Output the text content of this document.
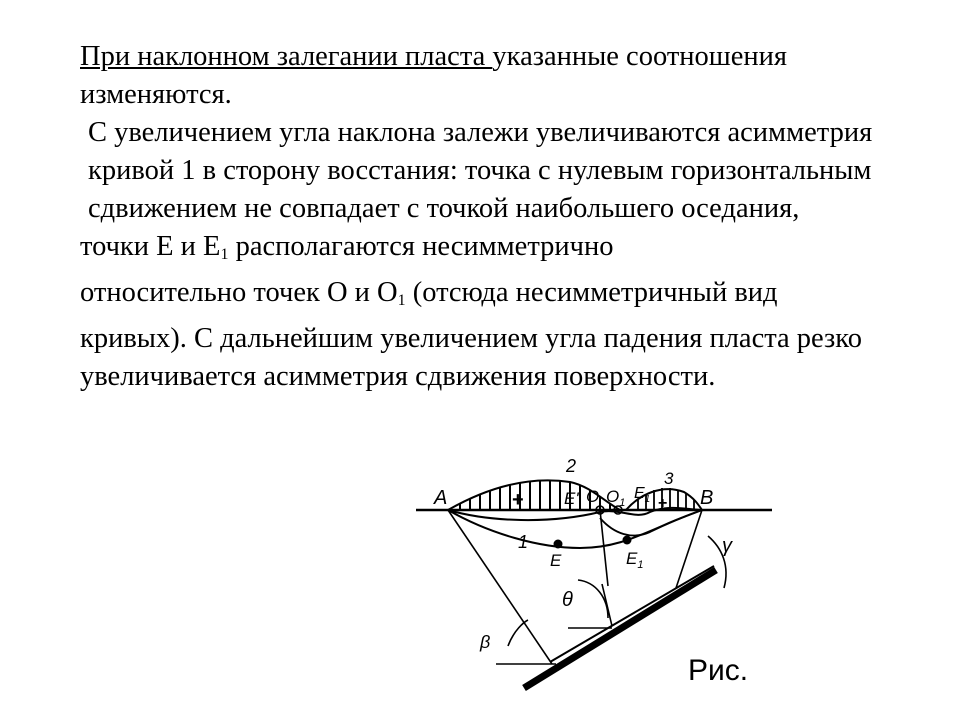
При наклонном залегании пласта указанные соотношения изменяются.

С увеличением угла наклона залежи увеличиваются асимметрия кривой 1 в сторону восстания: точка с нулевым горизонтальным сдвижением не совпадает с точкой наибольшего оседания,

точки Е и $Е_1$ располагаются несимметрично
относительно точек О и $О_1$ (отсюда несимметричный вид
кривых). С дальнейшим увеличением угла падения пласта резко увеличивается асимметрия сдвижения поверхности.

A	B
E' O $O_1$
$E_1$
2
3
+	+
1
E	$E_1$
θ
β
γ
Рис.
